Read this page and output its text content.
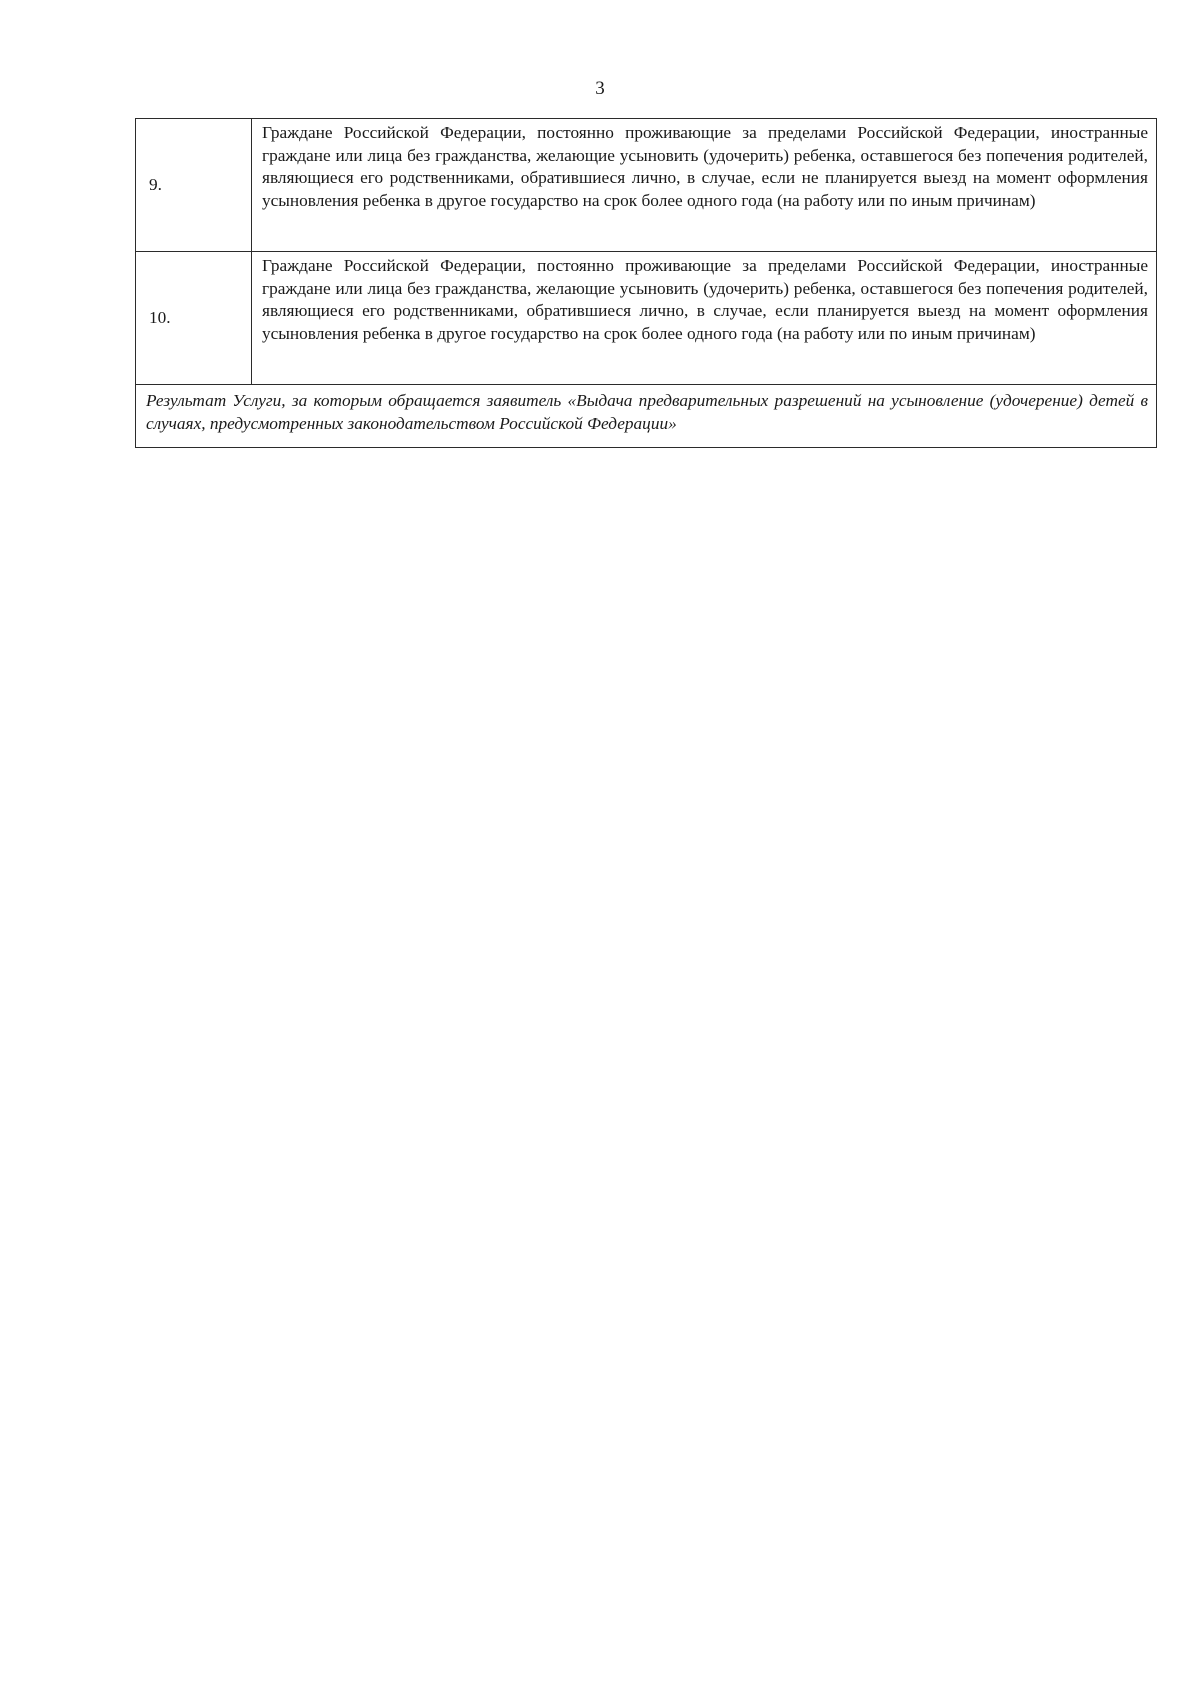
3
9.	Граждане Российской Федерации, постоянно проживающие за пределами Российской Федерации, иностранные граждане или лица без гражданства, желающие усыновить (удочерить) ребенка, оставшегося без попечения родителей, являющиеся его родственниками, обратившиеся лично, в случае, если не планируется выезд на момент оформления усыновления ребенка в другое государство на срок более одного года (на работу или по иным причинам)
10.	Граждане Российской Федерации, постоянно проживающие за пределами Российской Федерации, иностранные граждане или лица без гражданства, желающие усыновить (удочерить) ребенка, оставшегося без попечения родителей, являющиеся его родственниками, обратившиеся лично, в случае, если планируется выезд на момент оформления усыновления ребенка в другое государство на срок более одного года (на работу или по иным причинам)
Результат Услуги, за которым обращается заявитель «Выдача предварительных разрешений на усыновление (удочерение) детей в случаях, предусмотренных законодательством Российской Федерации»	
